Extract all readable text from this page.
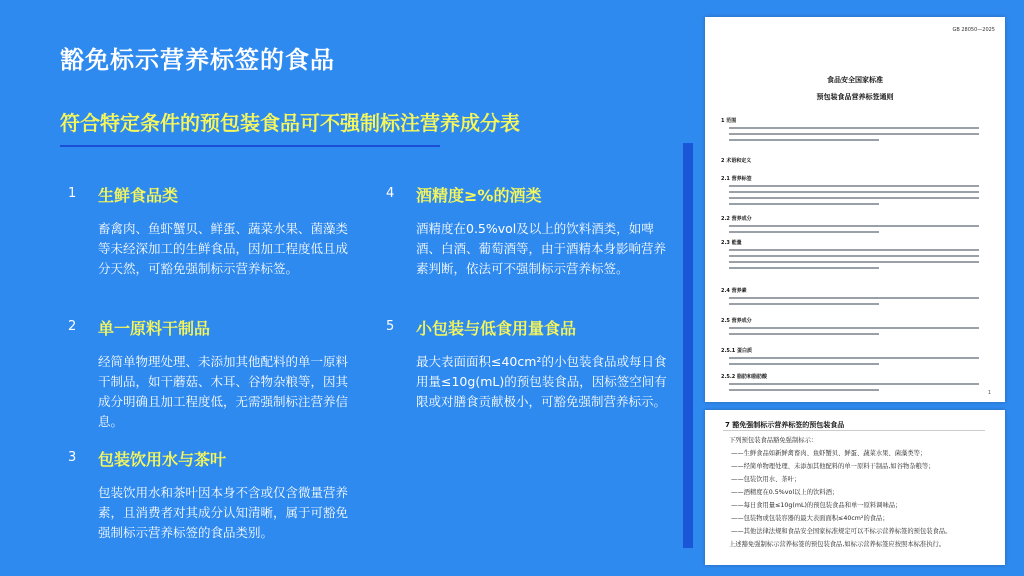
豁免标示营养标签的食品
符合特定条件的预包装食品可不强制标注营养成分表
1 生鲜食品类
畜禽肉、鱼虾蟹贝、鲜蛋、蔬菜水果、菌藻类等未经深加工的生鲜食品，因加工程度低且成分天然，可豁免强制标示营养标签。
2 单一原料干制品
经简单物理处理、未添加其他配料的单一原料干制品，如干蘑菇、木耳、谷物杂粮等，因其成分明确且加工程度低，无需强制标注营养信息。
3 包装饮用水与茶叶
包装饮用水和茶叶因本身不含或仅含微量营养素，且消费者对其成分认知清晰，属于可豁免强制标示营养标签的食品类别。
4 酒精度≥%的酒类
酒精度在0.5%vol及以上的饮料酒类，如啤酒、白酒、葡萄酒等，由于酒精本身影响营养素判断，依法可不强制标示营养标签。
5 小包装与低食用量食品
最大表面面积≤40cm²的小包装食品或每日食用量≤10g(mL)的预包装食品，因标签空间有限或对膳食贡献极小，可豁免强制营养标示。
GB 28050—2025
食品安全国家标准
预包装食品营养标签通则
1 范围
2 术语和定义
2.1 营养标签
2.2 营养成分
2.3 能量
2.4 营养素
2.5 营养成分
2.5.1 蛋白质
2.5.2 脂肪和脂肪酸
1
7 豁免强制标示营养标签的预包装食品
下列预包装食品豁免强制标示：
——生鲜食品如新鲜禽畜肉、鱼虾蟹贝、鲜蛋、蔬菜水果、菌藻类等；
——经简单物理处理、未添加其他配料的单一原料干制品,如谷物杂粮等；
——包装饮用水、茶叶；
——酒精度在0.5%vol以上的饮料酒；
——每日食用量≤10g(mL)的预包装食品和单一原料调味品；
——包装物或包装容器的最大表面面积≤40cm²的食品；
——其他法律法规和食品安全国家标准规定可以不标示营养标签的预包装食品。
上述豁免强制标示营养标签的预包装食品,如标示营养标签应按照本标准执行。
